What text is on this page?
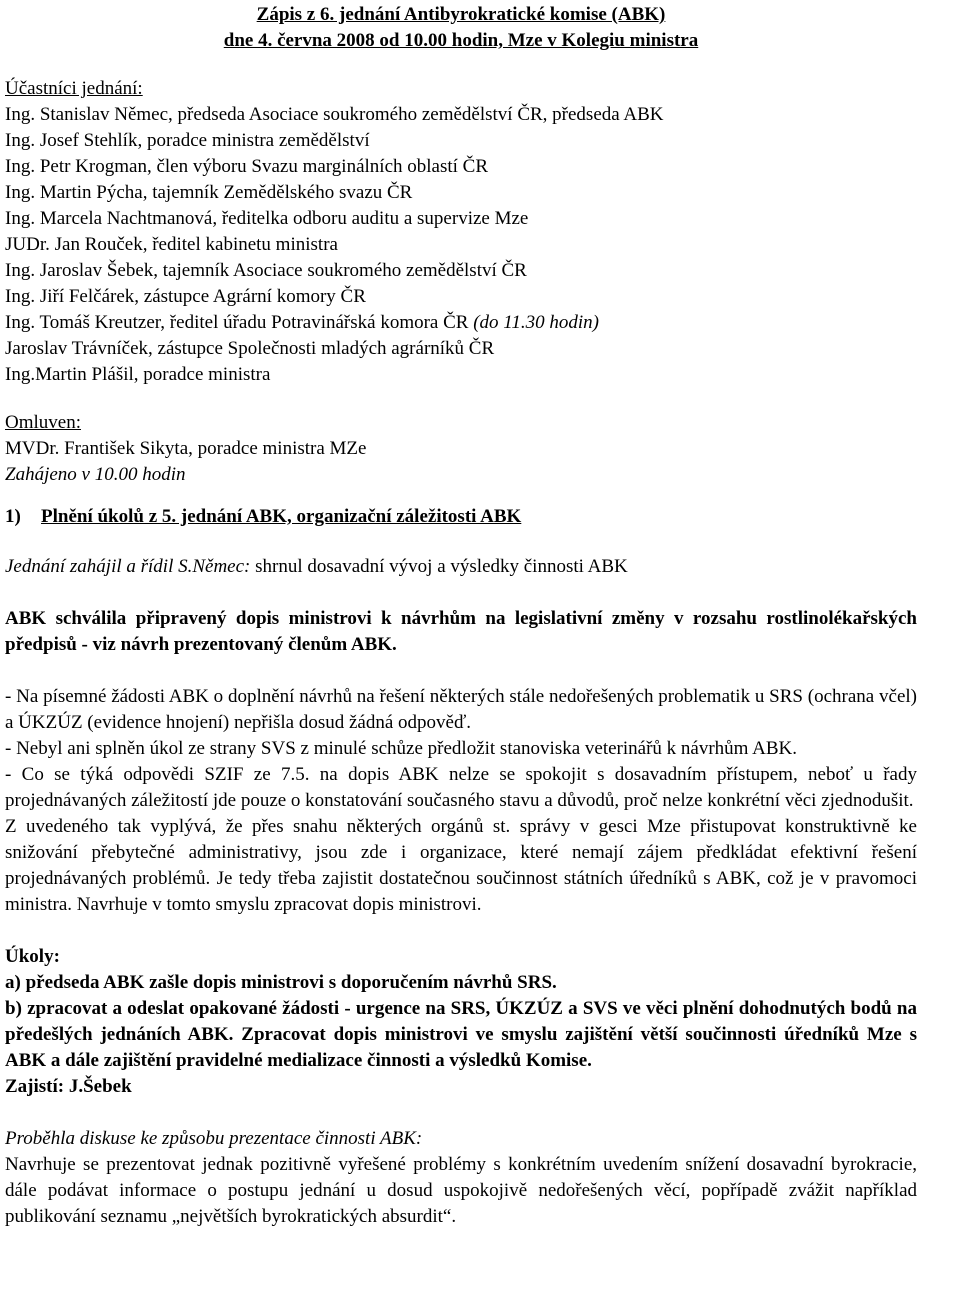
Zápis z 6. jednání Antibyrokratické komise (ABK)
dne 4. června 2008 od 10.00 hodin, Mze v Kolegiu ministra
Účastníci jednání:
Ing. Stanislav Němec, předseda Asociace soukromého zemědělství ČR, předseda ABK
Ing. Josef Stehlík, poradce ministra zemědělství
Ing. Petr Krogman, člen výboru Svazu marginálních oblastí ČR
Ing. Martin Pýcha, tajemník Zemědělského svazu ČR
Ing. Marcela Nachtmanová, ředitelka odboru auditu a supervize Mze
JUDr. Jan Rouček, ředitel kabinetu ministra
Ing. Jaroslav Šebek, tajemník Asociace soukromého zemědělství ČR
Ing. Jiří Felčárek, zástupce Agrární komory ČR
Ing. Tomáš Kreutzer, ředitel úřadu Potravinářská komora ČR (do 11.30 hodin)
Jaroslav Trávníček, zástupce Společnosti mladých agrárníků ČR
Ing.Martin Plášil, poradce ministra
Omluven:
MVDr. František Sikyta, poradce ministra MZe
Zahájeno v 10.00 hodin
1) Plnění úkolů z 5. jednání ABK, organizační záležitosti ABK
Jednání zahájil a řídil S.Němec: shrnul dosavadní vývoj a výsledky činnosti ABK
ABK schválila připravený dopis ministrovi k návrhům na legislativní změny v rozsahu rostlinolékařských předpisů - viz návrh prezentovaný členům ABK.
- Na písemné žádosti ABK o doplnění návrhů na řešení některých stále nedořešených problematik u SRS (ochrana včel) a ÚKZÚZ (evidence hnojení) nepřišla dosud žádná odpověď.
- Nebyl ani splněn úkol ze strany SVS z minulé schůze předložit stanoviska veterinářů k návrhům ABK.
- Co se týká odpovědi SZIF ze 7.5. na dopis ABK nelze se spokojit s dosavadním přístupem, neboť u řady projednávaných záležitostí jde pouze o konstatování současného stavu a důvodů, proč nelze konkrétní věci zjednodušit.
Z uvedeného tak vyplývá, že přes snahu některých orgánů st. správy v gesci Mze přistupovat konstruktivně ke snižování přebytečné administrativy, jsou zde i organizace, které nemají zájem předkládat efektivní řešení projednávaných problémů. Je tedy třeba zajistit dostatečnou součinnost státních úředníků s ABK, což je v pravomoci ministra. Navrhuje v tomto smyslu zpracovat dopis ministrovi.
Úkoly:
a) předseda ABK zašle dopis ministrovi s doporučením návrhů SRS.
b) zpracovat a odeslat opakované žádosti - urgence na SRS, ÚKZÚZ a SVS ve věci plnění dohodnutých bodů na předešlých jednáních ABK. Zpracovat dopis ministrovi ve smyslu zajištění větší součinnosti úředníků Mze s ABK a dále zajištění pravidelné medializace činnosti a výsledků Komise.
Zajistí: J.Šebek
Proběhla diskuse ke způsobu prezentace činnosti ABK:
Navrhuje se prezentovat jednak pozitivně vyřešené problémy s konkrétním uvedením snížení dosavadní byrokracie, dále podávat informace o postupu jednání u dosud uspokojivě nedořešených věcí, popřípadě zvážit například publikování seznamu „největších byrokratických absurdit“.
